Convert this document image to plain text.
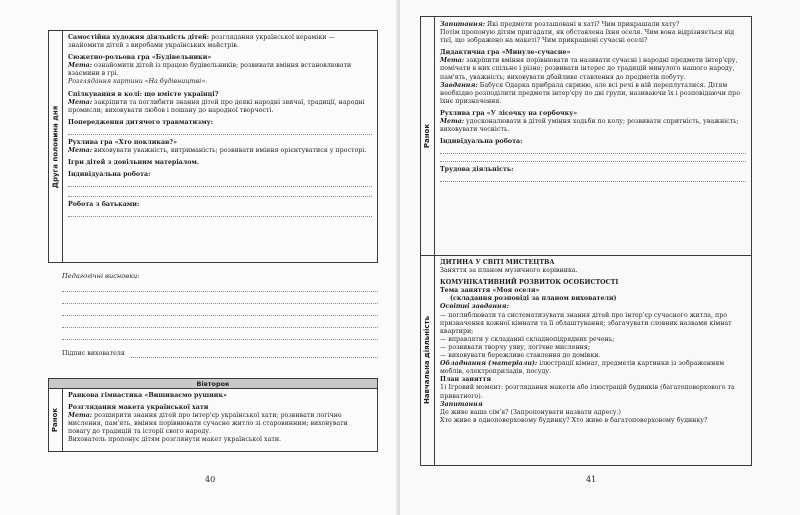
Друга половина дня
Самостійна художня діяльність дітей: розглядання української кераміки — знайомити дітей з виробами українських майстрів.
Сюжетно-рольова гра «Будівельники»
Мета: ознайомити дітей із працею будівельників; розвивати вміння встановлювати взаємини в грі.
Розглядання картини «На будівництві».
Спілкування в колі: що вмієте українці?
Мета: закріпити та поглибити знання дітей про деякі народні звичаї, традиції, народні промисли; виховувати любов і пошану до народної творчості.
Попередження дитячого травматизму:
Рухлива гра «Хто покликав?»
Мета: виховувати уважність, витриманість; розвивати вміння орієнтуватися у просторі.
Ігри дітей з довільним матеріалом.
Індивідуальна робота:
Робота з батьками:
Педагогічні висновки:
Підпис вихователя
Вівторок
Ранок
Ранкова гімнастика «Вишиваємо рушник»
Розглядання макета української хати
Мета: розширити знання дітей про інтер'єр української хати; розвивати логічне мислення, пам'ять, вміння порівнювати сучасне житло зі старовинним; виховувати повагу до традицій та історії свого народу.
Вихователь пропонує дітям розглянути макет української хати.
40
Ранок
Запитання: Які предмети розташовані в хаті? Чим прикрашали хату?
Потім пропоную дітям пригадати, як обставлена їхня оселя. Чим вона відрізняється від тієї, що зображено на макеті? Чим прикрашені сучасні оселі?
Дидактична гра «Минуле–сучасне»
Мета: закріпити вміння порівнювати та називати сучасні і народні предмети інтер'єру, помічати в них спільне і різне; розвивати інтерес до традицій минулого нашого народу, пам'ять, уважність; виховувати дбайливе ставлення до предметів побуту.
Завдання: Бабуся Одарка прибрала скриню, але всі речі в ній переплуталися. Дітям необхідно розподілити предмети інтер'єру по дві групи, називаючи їх і розповідаючи про їхнє призначення.
Рухлива гра «У лісочку на горбочку»
Мета: удосконалювати в дітей уміння ходьби по колу; розвивати спритність, уважність; виховувати чесність.
Індивідуальна робота:
Трудова діяльність:
Навчальна діяльність
ДИТИНА У СВІТІ МИСТЕЦТВА
Заняття за планом музичного керівника.
КОМУНІКАТИВНИЙ РОЗВИТОК ОСОБИСТОСТІ
Тема заняття «Моя оселя»
(складання розповіді за планом вихователя)
Освітні завдання:
— поглиблювати та систематизувати знання дітей про інтер'єр сучасного житла, про призначення кожної кімнати та її облаштування; збагачувати словник назвами кімнат квартири;
— вправляти у складанні складнопідрядних речень;
— розвивати творчу уяву, логічне мислення;
— виховувати бережливе ставлення до домівки.
Обладнання (матеріали): ілюстрації кімнат, предметів картинки із зображенням меблів, електроприладів, посуду.
План заняття
1) Ігровий момент: розглядання макетів або ілюстрацій будинків (багатоповерхового та приватного).
Запитання
Де живе ваша сім'я? (Запропонувати назвати адресу.)
Хто живе в одноповерховому будинку? Хто живе в багатоповерховому будинку?
41
